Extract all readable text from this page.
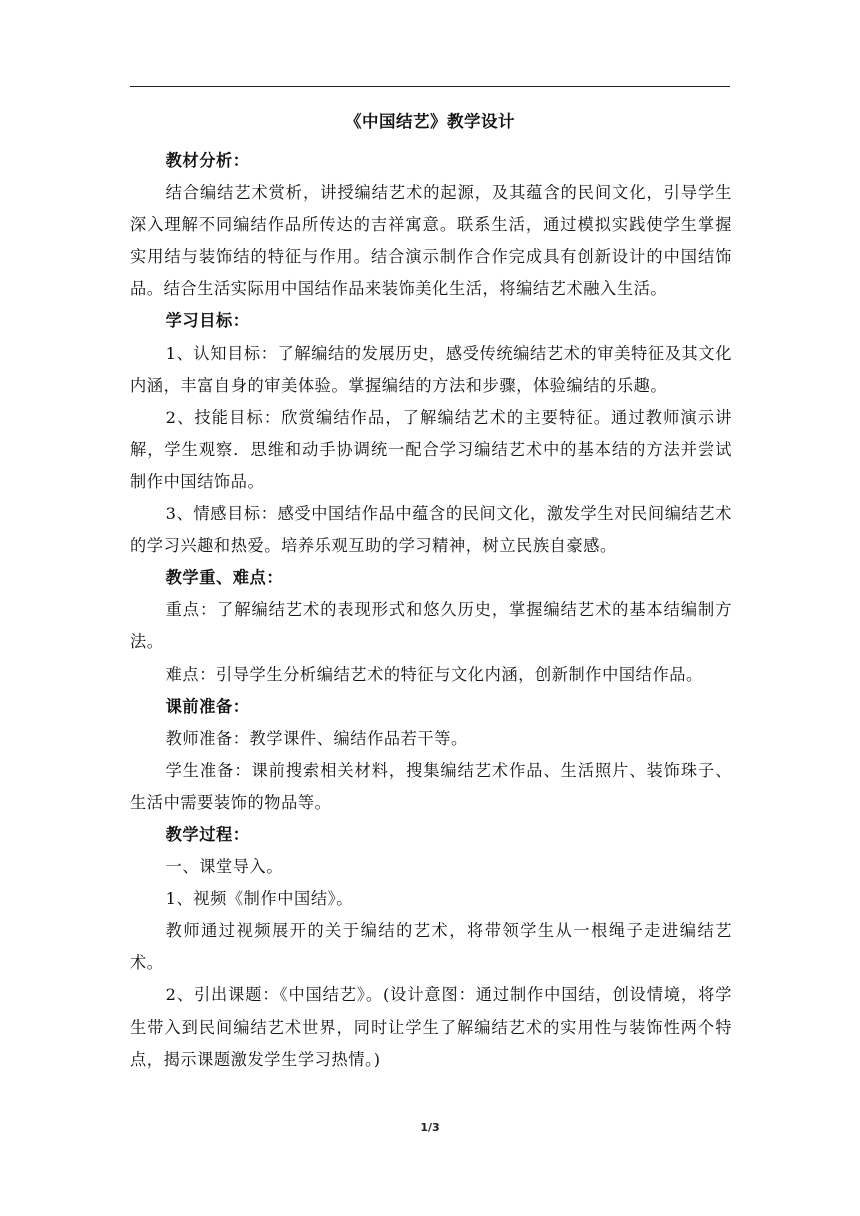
《中国结艺》教学设计

教材分析：

结合编结艺术赏析，讲授编结艺术的起源，及其蕴含的民间文化，引导学生深入理解不同编结作品所传达的吉祥寓意。联系生活，通过模拟实践使学生掌握实用结与装饰结的特征与作用。结合演示制作合作完成具有创新设计的中国结饰品。结合生活实际用中国结作品来装饰美化生活，将编结艺术融入生活。

学习目标：

1、认知目标：了解编结的发展历史，感受传统编结艺术的审美特征及其文化内涵，丰富自身的审美体验。掌握编结的方法和步骤，体验编结的乐趣。

2、技能目标：欣赏编结作品，了解编结艺术的主要特征。通过教师演示讲解，学生观察．思维和动手协调统一配合学习编结艺术中的基本结的方法并尝试制作中国结饰品。

3、情感目标：感受中国结作品中蕴含的民间文化，激发学生对民间编结艺术的学习兴趣和热爱。培养乐观互助的学习精神，树立民族自豪感。

教学重、难点：

重点：了解编结艺术的表现形式和悠久历史，掌握编结艺术的基本结编制方法。

难点：引导学生分析编结艺术的特征与文化内涵，创新制作中国结作品。

课前准备：

教师准备：教学课件、编结作品若干等。

学生准备：课前搜索相关材料，搜集编结艺术作品、生活照片、装饰珠子、生活中需要装饰的物品等。

教学过程：

一、课堂导入。

1、视频《制作中国结》。

教师通过视频展开的关于编结的艺术，将带领学生从一根绳子走进编结艺术。

2、引出课题：《中国结艺》。(设计意图：通过制作中国结，创设情境，将学生带入到民间编结艺术世界，同时让学生了解编结艺术的实用性与装饰性两个特点，揭示课题激发学生学习热情。)

1/3
